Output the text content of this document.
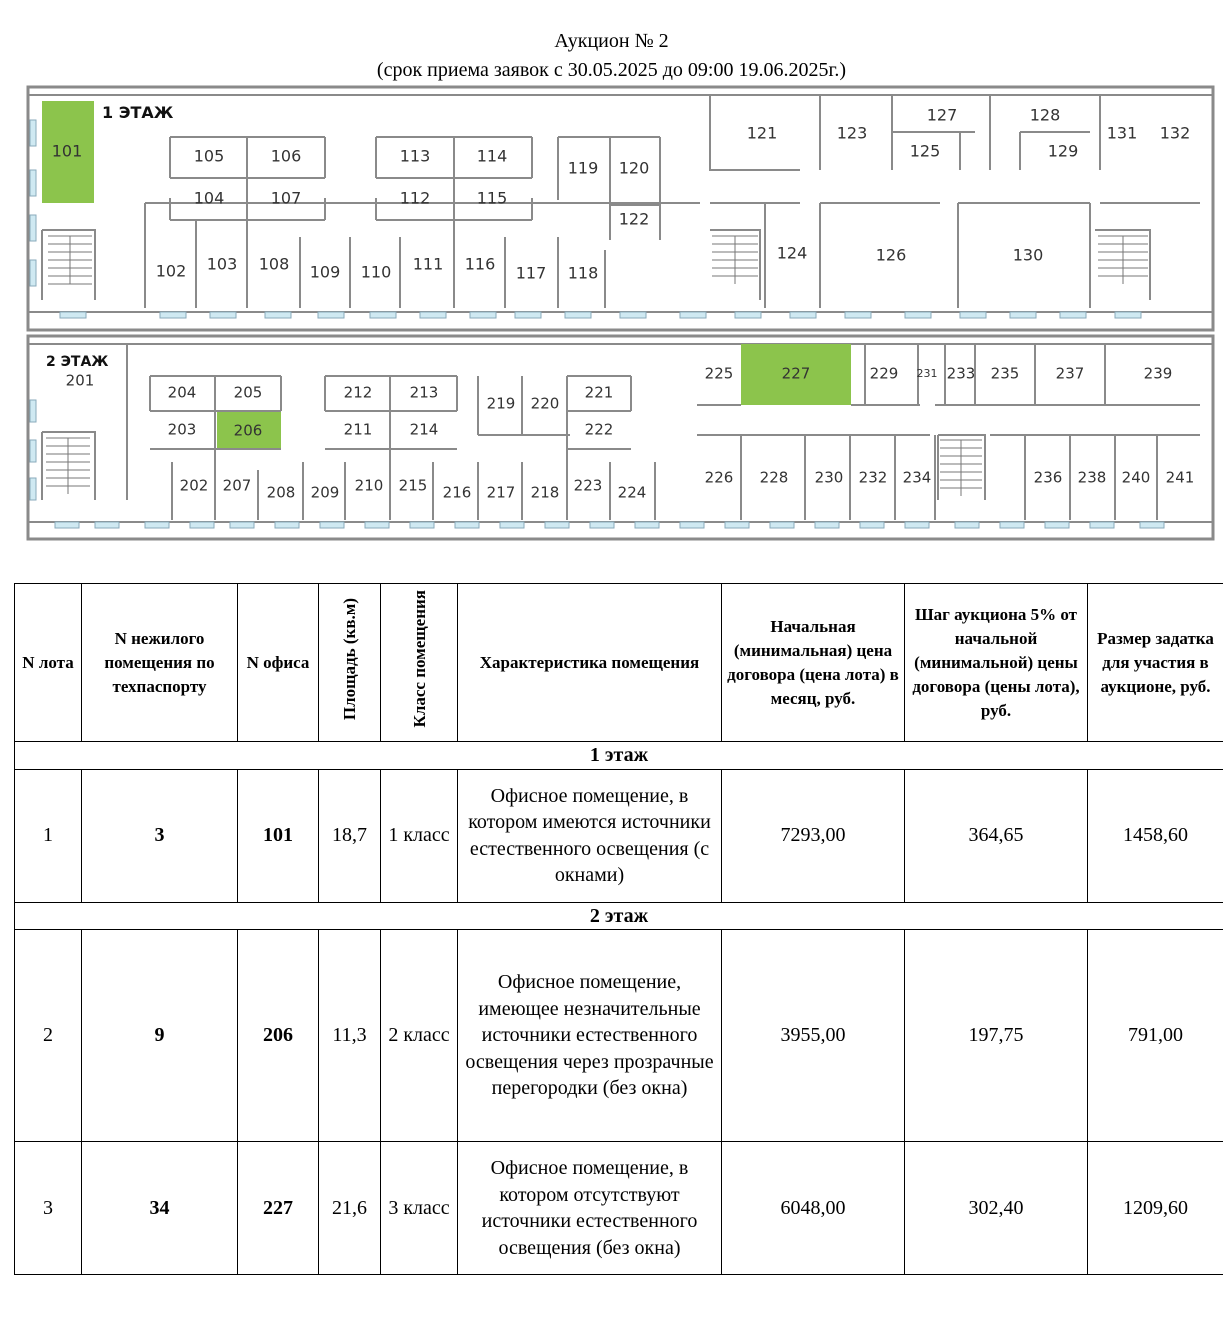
Аукцион № 2
(срок приема заявок с 30.05.2025 до 09:00 19.06.2025г.)
1 ЭТАЖ
101	105	106
104	107
113	114
112	115
119 120
122
121	123
127
125
128
129
131 132
102 103 108 109 110 111 116 117 118
124	126	130
2 ЭТАЖ
201
204 205
203 206
212 213
211 214
219 220
221
222
225	227	229 231 233 235 237	239
202 207 208 209 210 215 216 217 218 223 224
226 228 230 232 234	236 238 240 241
N лота	N нежилого помещения по техпаспорту	N офиса	Площадь (кв.м)	Класс помещения	Характеристика помещения	Начальная (минимальная) цена договора (цена лота) в месяц, руб.	Шаг аукциона 5% от начальной (минимальной) цены договора (цены лота), руб.	Размер задатка для участия в аукционе, руб.
1 этаж								
1	3	101	18,7	1 класс	Офисное помещение, в котором имеются источники естественного освещения (с окнами)	7293,00	364,65	1458,60
2 этаж								
2	9	206	11,3	2 класс	Офисное помещение, имеющее незначительные источники естественного освещения через прозрачные перегородки (без окна)	3955,00	197,75	791,00
3	34	227	21,6	3 класс	Офисное помещение, в котором отсутствуют источники естественного освещения (без окна)	6048,00	302,40	1209,60
